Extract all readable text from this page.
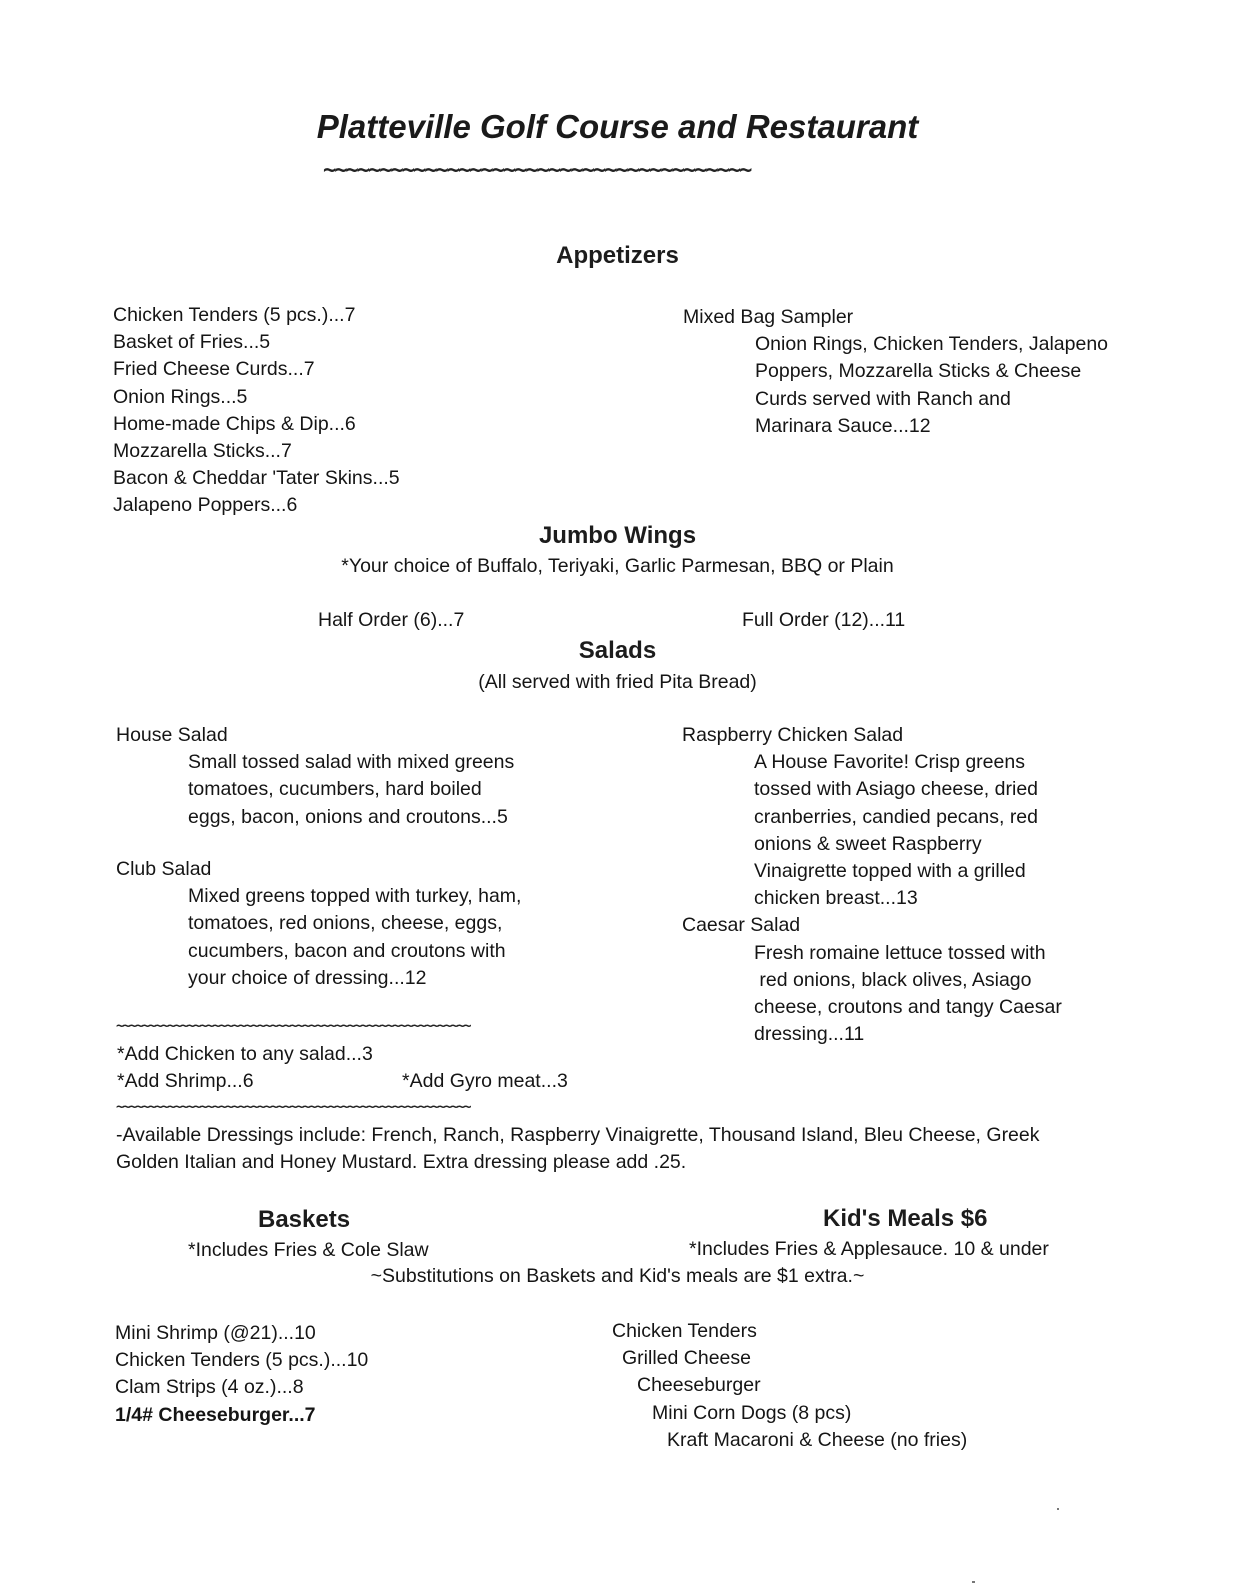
Platteville Golf Course and Restaurant
~~~~~~~~~~~~~~~~~~~~~~~~~~~~~~~~~~~~~~
Appetizers
Chicken Tenders (5 pcs.)...7
Basket of Fries...5
Fried Cheese Curds...7
Onion Rings...5
Home-made Chips & Dip...6
Mozzarella Sticks...7
Bacon & Cheddar 'Tater Skins...5
Jalapeno Poppers...6
Mixed Bag Sampler
Onion Rings, Chicken Tenders, Jalapeno
Poppers, Mozzarella Sticks & Cheese
Curds served with Ranch and
Marinara Sauce...12
Jumbo Wings
*Your choice of Buffalo, Teriyaki, Garlic Parmesan, BBQ or Plain
Half Order (6)...7	Full Order (12)...11
Salads
(All served with fried Pita Bread)
House Salad
Small tossed salad with mixed greens
tomatoes, cucumbers, hard boiled
eggs, bacon, onions and croutons...5
Club Salad
Mixed greens topped with turkey, ham,
tomatoes, red onions, cheese, eggs,
cucumbers, bacon and croutons with
your choice of dressing...12
Raspberry Chicken Salad
A House Favorite! Crisp greens
tossed with Asiago cheese, dried
cranberries, candied pecans, red
onions & sweet Raspberry
Vinaigrette topped with a grilled
chicken breast...13
Caesar Salad
Fresh romaine lettuce tossed with
red onions, black olives, Asiago
cheese, croutons and tangy Caesar
dressing...11
~~~~~~~~~~~~~~~~~~~~~~~~~~~~~~~~~~~~~~~~~~~~~~~~~~~~~~~
*Add Chicken to any salad...3
*Add Shrimp...6	*Add Gyro meat...3
~~~~~~~~~~~~~~~~~~~~~~~~~~~~~~~~~~~~~~~~~~~~~~~~~~~~~~~
-Available Dressings include: French, Ranch, Raspberry Vinaigrette, Thousand Island, Bleu Cheese, Greek
Golden Italian and Honey Mustard. Extra dressing please add .25.
Baskets	Kid's Meals $6
*Includes Fries & Cole Slaw	*Includes Fries & Applesauce. 10 & under
~Substitutions on Baskets and Kid's meals are $1 extra.~
Mini Shrimp (@21)...10
Chicken Tenders (5 pcs.)...10
Clam Strips (4 oz.)...8
1/4# Cheeseburger...7
Chicken Tenders
Grilled Cheese
Cheeseburger
Mini Corn Dogs (8 pcs)
Kraft Macaroni & Cheese (no fries)
